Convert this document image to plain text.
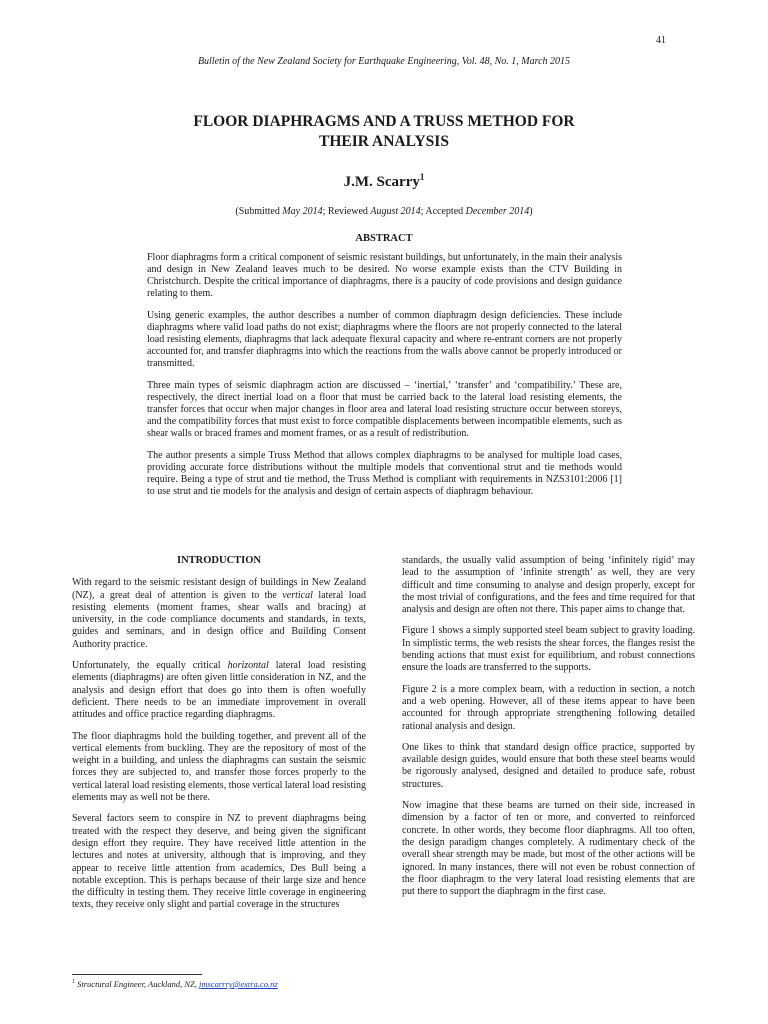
41
Bulletin of the New Zealand Society for Earthquake Engineering, Vol. 48, No. 1, March 2015
FLOOR DIAPHRAGMS AND A TRUSS METHOD FOR
THEIR ANALYSIS
J.M. Scarry$^1$
(Submitted May 2014; Reviewed August 2014; Accepted December 2014)
ABSTRACT

Floor diaphragms form a critical component of seismic resistant buildings, but unfortunately, in the main their analysis and design in New Zealand leaves much to be desired. No worse example exists than the CTV Building in Christchurch. Despite the critical importance of diaphragms, there is a paucity of code provisions and design guidance relating to them.

Using generic examples, the author describes a number of common diaphragm design deficiencies. These include diaphragms where valid load paths do not exist; diaphragms where the floors are not properly connected to the lateral load resisting elements, diaphragms that lack adequate flexural capacity and where re-entrant corners are not properly accounted for, and transfer diaphragms into which the reactions from the walls above cannot be properly introduced or transmitted.

Three main types of seismic diaphragm action are discussed – ‘inertial,’ ‘transfer’ and ‘compatibility.’ These are, respectively, the direct inertial load on a floor that must be carried back to the lateral load resisting elements, the transfer forces that occur when major changes in floor area and lateral load resisting structure occur between storeys, and the compatibility forces that must exist to force compatible displacements between incompatible elements, such as shear walls or braced frames and moment frames, or as a result of redistribution.

The author presents a simple Truss Method that allows complex diaphragms to be analysed for multiple load cases, providing accurate force distributions without the multiple models that conventional strut and tie methods would require. Being a type of strut and tie method, the Truss Method is compliant with requirements in NZS3101:2006 [1] to use strut and tie models for the analysis and design of certain aspects of diaphragm behaviour.

INTRODUCTION

With regard to the seismic resistant design of buildings in New Zealand (NZ), a great deal of attention is given to the vertical lateral load resisting elements (moment frames, shear walls and bracing) at university, in the code compliance documents and standards, in texts, guides and seminars, and in design office and Building Consent Authority practice.

Unfortunately, the equally critical horizontal lateral load resisting elements (diaphragms) are often given little consideration in NZ, and the analysis and design effort that does go into them is often woefully deficient. There needs to be an immediate improvement in overall attitudes and office practice regarding diaphragms.

The floor diaphragms hold the building together, and prevent all of the vertical elements from buckling. They are the repository of most of the weight in a building, and unless the diaphragms can sustain the seismic forces they are subjected to, and transfer those forces properly to the vertical lateral load resisting elements, those vertical lateral load resisting elements may as well not be there.

Several factors seem to conspire in NZ to prevent diaphragms being treated with the respect they deserve, and being given the significant design effort they require. They have received little attention in the lectures and notes at university, although that is improving, and they appear to receive little attention from academics, Des Bull being a notable exception. This is perhaps because of their large size and hence the difficulty in testing them. They receive little coverage in engineering texts, they receive only slight and partial coverage in the structures

standards, the usually valid assumption of being ‘infinitely rigid’ may lead to the assumption of ‘infinite strength’ as well, they are very difficult and time consuming to analyse and design properly, except for the most trivial of configurations, and the fees and time required for that analysis and design are often not there. This paper aims to change that.

Figure 1 shows a simply supported steel beam subject to gravity loading. In simplistic terms, the web resists the shear forces, the flanges resist the bending actions that must exist for equilibrium, and robust connections ensure the loads are transferred to the supports.

Figure 2 is a more complex beam, with a reduction in section, a notch and a web opening. However, all of these items appear to have been accounted for through appropriate strengthening following detailed rational analysis and design.

One likes to think that standard design office practice, supported by available design guides, would ensure that both these steel beams would be rigorously analysed, designed and detailed to produce safe, robust structures.

Now imagine that these beams are turned on their side, increased in dimension by a factor of ten or more, and converted to reinforced concrete. In other words, they become floor diaphragms. All too often, the design paradigm changes completely. A rudimentary check of the overall shear strength may be made, but most of the other actions will be ignored. In many instances, there will not even be robust connection of the floor diaphragm to the very lateral load resisting elements that are put there to support the diaphragm in the first case.

$^1$ Structural Engineer, Auckland, NZ, jmscarrry@extra.co.nz
